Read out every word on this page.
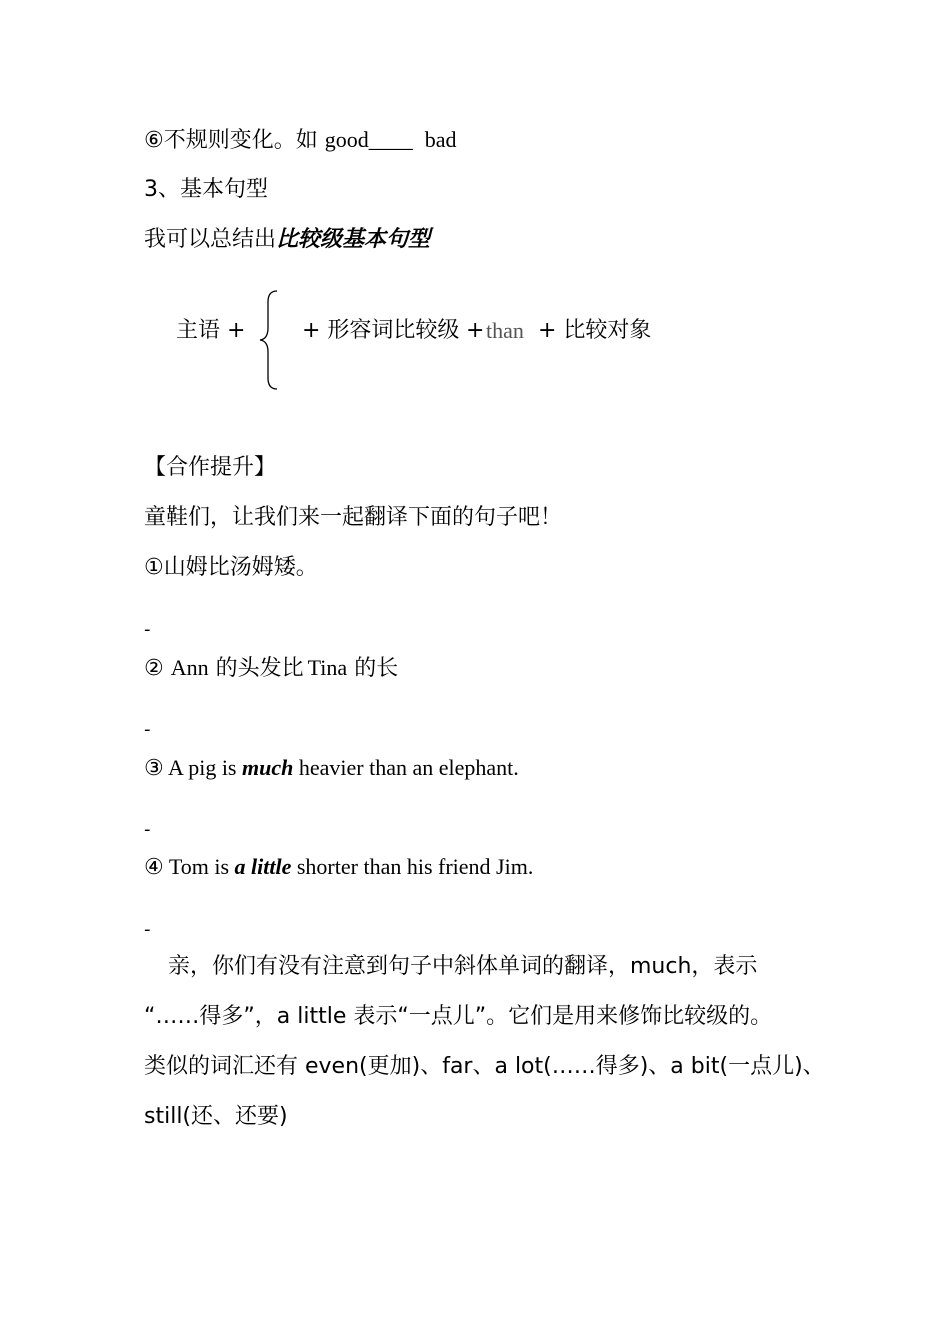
⑥不规则变化。如 good____ bad
3、基本句型
我可以总结出比较级基本句型
主语 +	+ 形容词比较级 + than + 比较对象
【合作提升】
童鞋们，让我们来一起翻译下面的句子吧！
①山姆比汤姆矮。
-
② Ann 的头发比 Tina 的长
-
③ A pig is much heavier than an elephant.
-
④ Tom is a little shorter than his friend Jim.
-
亲，你们有没有注意到句子中斜体单词的翻译，much，表示
“……得多”，a little 表示“一点儿”。它们是用来修饰比较级的。
类似的词汇还有 even(更加)、far、a lot(……得多)、a bit(一点儿)、
still(还、还要)
